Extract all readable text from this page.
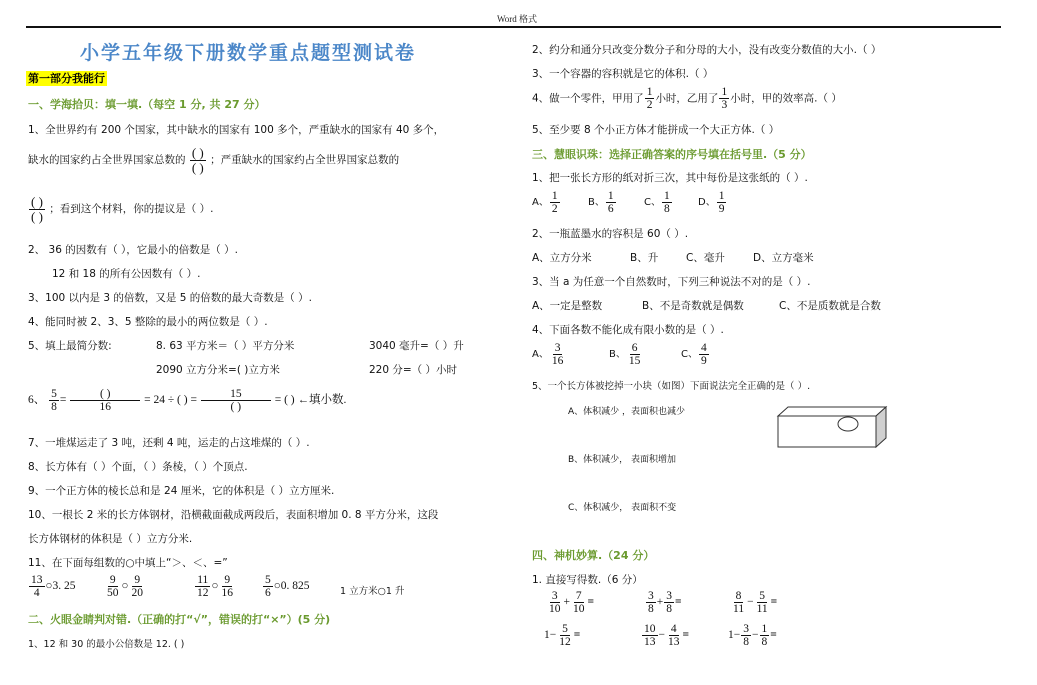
Word 格式
小学五年级下册数学重点题型测试卷
第一部分我能行
一、学海拾贝：填一填.（每空 1 分, 共 27 分）
1、全世界约有 200 个国家，其中缺水的国家有 100 多个，严重缺水的国家有 40 多个，
缺水的国家约占全世界国家总数的 $\frac{( )}{( )}$ ；严重缺水的国家约占全世界国家总数的
$\frac{( )}{( )}$ ；看到这个材料，你的提议是（ ）.
2、 36 的因数有（ ），它最小的倍数是（ ）.
12 和 18 的所有公因数有（ ）.
3、100 以内是 3 的倍数，又是 5 的倍数的最大奇数是（ ）.
4、能同时被 2、3、5 整除的最小的两位数是（ ）.
5、填上最简分数:	8. 63 平方米＝（ ）平方分米	3040 毫升=（ ）升
2090 立方分米=( )立方米	220 分=（ ）小时
6、 $\frac{5}{8} = \frac{( )}{16} = 24$ ÷ ( ) = $\frac{15}{( )}$ = ( ) ←填小数.
7、一堆煤运走了 3 吨，还剩 4 吨，运走的占这堆煤的（ ）.
8、长方体有（ ）个面，（ ）条棱，（ ）个顶点.
9、一个正方体的棱长总和是 24 厘米，它的体积是（ ）立方厘米.
10、一根长 2 米的长方体钢材，沿横截面截成两段后，表面积增加 0. 8 平方分米，这段
长方体钢材的体积是（ ）立方分米.
11、在下面每组数的○中填上“＞、＜、=”
$\frac{13}{4}$ ○3. 25	$\frac{9}{50}$ ○ $\frac{9}{20}$	$\frac{11}{12}$ ○ $\frac{9}{16} \frac{5}{6}$ ○0. 825	1 立方米○1 升
二、火眼金睛判对错.（正确的打“√”，错误的打“×”）(5 分)
1、12 和 30 的最小公倍数是 12. ( )
2、约分和通分只改变分数分子和分母的大小，没有改变分数值的大小.（ ）
3、一个容器的容积就是它的体积.（ ）
4、做一个零件，甲用了 $\frac{1}{2}$ 小时，乙用了 $\frac{1}{3}$ 小时，甲的效率高.（ ）
5、至少要 8 个小正方体才能拼成一个大正方体.（ ）
三、慧眼识珠：选择正确答案的序号填在括号里.（5 分）
1、把一张长方形的纸对折三次，其中每份是这张纸的（ ）.
A、 $\frac{1}{2}$	B、 $\frac{1}{6}$	C、 $\frac{1}{8}$	D、 $\frac{1}{9}$
2、一瓶蓝墨水的容积是 60（ ）.
A、立方分米	B、升	C、毫升	D、立方毫米
3、当 a 为任意一个自然数时，下列三种说法不对的是（ ）.
A、一定是整数	B、不是奇数就是偶数	C、不是质数就是合数
4、下面各数不能化成有限小数的是（ ）.
A、 $\frac{3}{16}$	B、 $\frac{6}{15}$	C、 $\frac{4}{9}$
5、一个长方体被挖掉一小块（如图）下面说法完全正确的是（ ）.
A、体积减少 ，表面积也减少
B、体积减少， 表面积增加
C、体积减少， 表面积不变
四、神机妙算.（24 分）
1. 直接写得数.（6 分）
$\frac{3}{10} + \frac{7}{10}$ =	$\frac{3}{8} + \frac{3}{8}$ =	$\frac{8}{11} - \frac{5}{11}$ =
$1- \frac{5}{12}$ =	$\frac{10}{13} - \frac{4}{13}$ =	$1- \frac{3}{8} - \frac{1}{8}$ =
